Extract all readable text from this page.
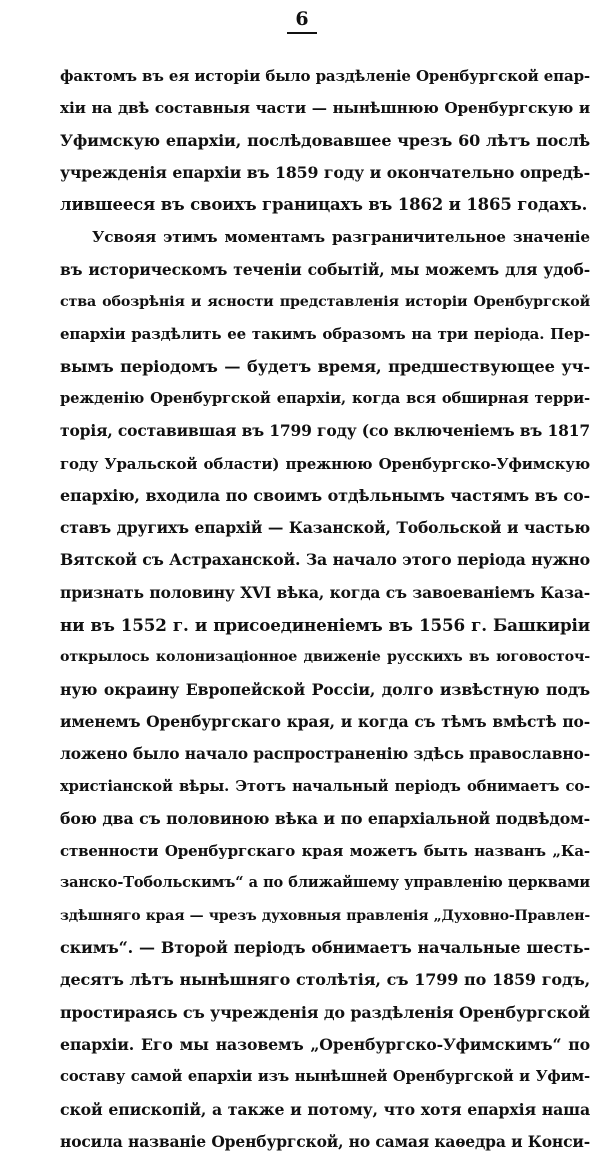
6
фактомъ въ ея исторiи было раздѣленiе Оренбургской епар-
хiи на двѣ составныя части — нынѣшнюю Оренбургскую и
Уфимскую епархiи, послѣдовавшее чрезъ 60 лѣтъ послѣ
учрежденiя епархiи въ 1859 году и окончательно опредѣ-
лившееся въ своихъ границахъ въ 1862 и 1865 годахъ.
Усвояя этимъ моментамъ разграничительное значенiе
въ историческомъ теченiи событiй, мы можемъ для удоб-
ства обозрѣнiя и ясности представленiя исторiи Оренбургской
епархiи раздѣлить ее такимъ образомъ на три перiода. Пер-
вымъ перiодомъ — будетъ время, предшествующее уч-
режденiю Оренбургской епархiи, когда вся обширная терри-
торiя, составившая въ 1799 году (со включенiемъ въ 1817
году Уральской области) прежнюю Оренбургско-Уфимскую
епархiю, входила по своимъ отдѣльнымъ частямъ въ со-
ставъ другихъ епархiй — Казанской, Тобольской и частью
Вятской съ Астраханской. За начало этого перiода нужно
признать половину XVI вѣка, когда съ завоеванiемъ Каза-
ни въ 1552 г. и присоединенiемъ въ 1556 г. Башкирiи
открылось колонизацiонное движенiе русскихъ въ юговосточ-
ную окраину Европейской Россiи, долго извѣстную подъ
именемъ Оренбургскаго края, и когда съ тѣмъ вмѣстѣ по-
ложено было начало распространенiю здѣсь православно-
христiанской вѣры. Этотъ начальный перiодъ обнимаетъ со-
бою два съ половиною вѣка и по епархiальной подвѣдом-
ственности Оренбургскаго края можетъ быть названъ „Ка-
занско-Тобольскимъ“ а по ближайшему управленiю церквами
здѣшняго края — чрезъ духовныя правленiя „Духовно-Правлен-
скимъ“. — Второй перiодъ обнимаетъ начальные шесть-
десятъ лѣтъ нынѣшняго столѣтiя, съ 1799 по 1859 годъ,
простираясь съ учрежденiя до раздѣленiя Оренбургской
епархiи. Его мы назовемъ „Оренбургско-Уфимскимъ“ по
составу самой епархiи изъ нынѣшней Оренбургской и Уфим-
ской епископiй, а также и потому, что хотя епархiя наша
носила названiе Оренбургской, но самая каѳедра и Конси-
